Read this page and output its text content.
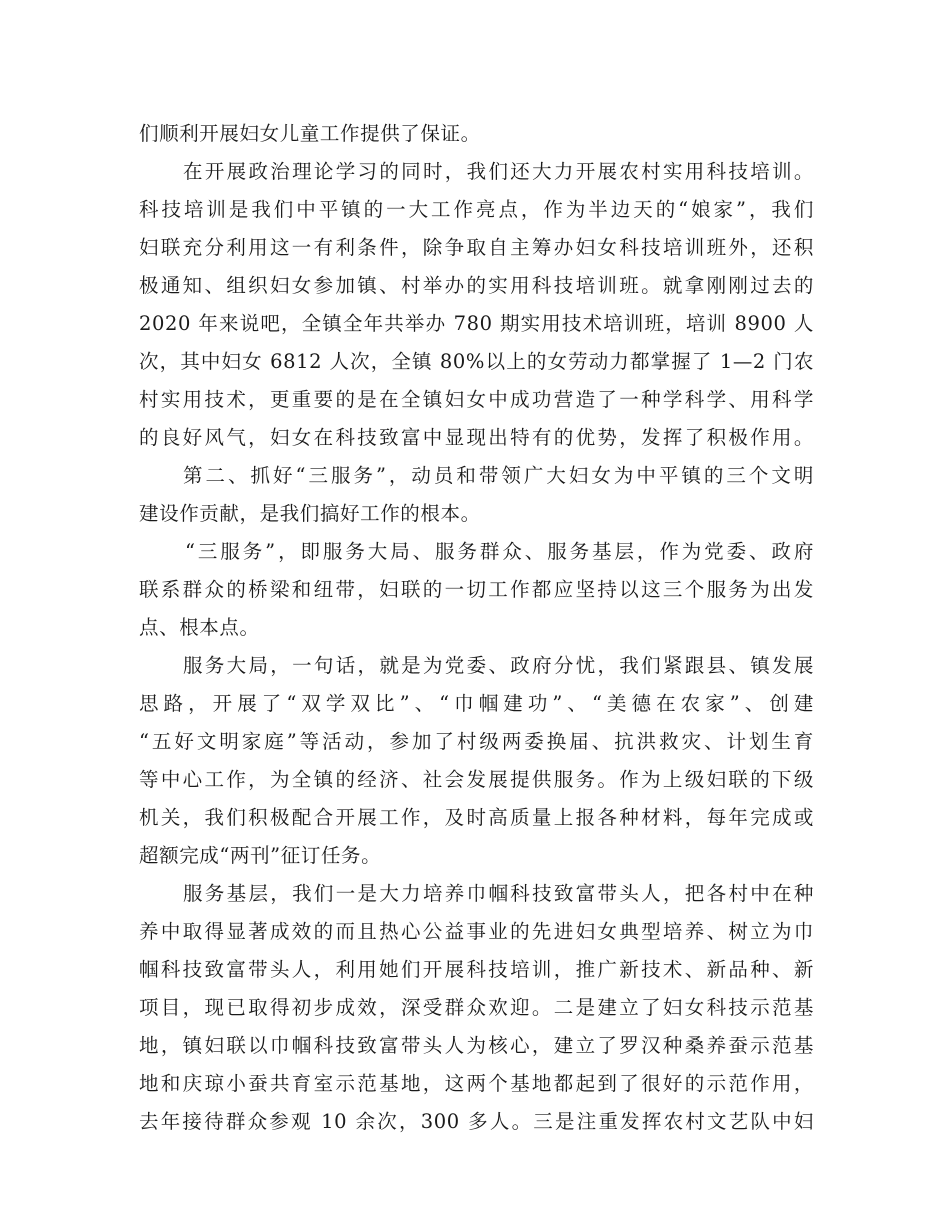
们顺利开展妇女儿童工作提供了保证。
在开展政治理论学习的同时，我们还大力开展农村实用科技培训。
科技培训是我们中平镇的一大工作亮点，作为半边天的“娘家”，我们
妇联充分利用这一有利条件，除争取自主筹办妇女科技培训班外，还积
极通知、组织妇女参加镇、村举办的实用科技培训班。就拿刚刚过去的
2020 年来说吧，全镇全年共举办 780 期实用技术培训班，培训 8900 人
次，其中妇女 6812 人次，全镇 80%以上的女劳动力都掌握了 1—2 门农
村实用技术，更重要的是在全镇妇女中成功营造了一种学科学、用科学
的良好风气，妇女在科技致富中显现出特有的优势，发挥了积极作用。
第二、抓好“三服务”，动员和带领广大妇女为中平镇的三个文明
建设作贡献，是我们搞好工作的根本。
“三服务”，即服务大局、服务群众、服务基层，作为党委、政府
联系群众的桥梁和纽带，妇联的一切工作都应坚持以这三个服务为出发
点、根本点。
服务大局，一句话，就是为党委、政府分忧，我们紧跟县、镇发展
思路，开展了“双学双比”、“巾帼建功”、“美德在农家”、创建
“五好文明家庭”等活动，参加了村级两委换届、抗洪救灾、计划生育
等中心工作，为全镇的经济、社会发展提供服务。作为上级妇联的下级
机关，我们积极配合开展工作，及时高质量上报各种材料，每年完成或
超额完成“两刊”征订任务。
服务基层，我们一是大力培养巾帼科技致富带头人，把各村中在种
养中取得显著成效的而且热心公益事业的先进妇女典型培养、树立为巾
帼科技致富带头人，利用她们开展科技培训，推广新技术、新品种、新
项目，现已取得初步成效，深受群众欢迎。二是建立了妇女科技示范基
地，镇妇联以巾帼科技致富带头人为核心，建立了罗汉种桑养蚕示范基
地和庆琼小蚕共育室示范基地，这两个基地都起到了很好的示范作用，
去年接待群众参观 10 余次，300 多人。三是注重发挥农村文艺队中妇
